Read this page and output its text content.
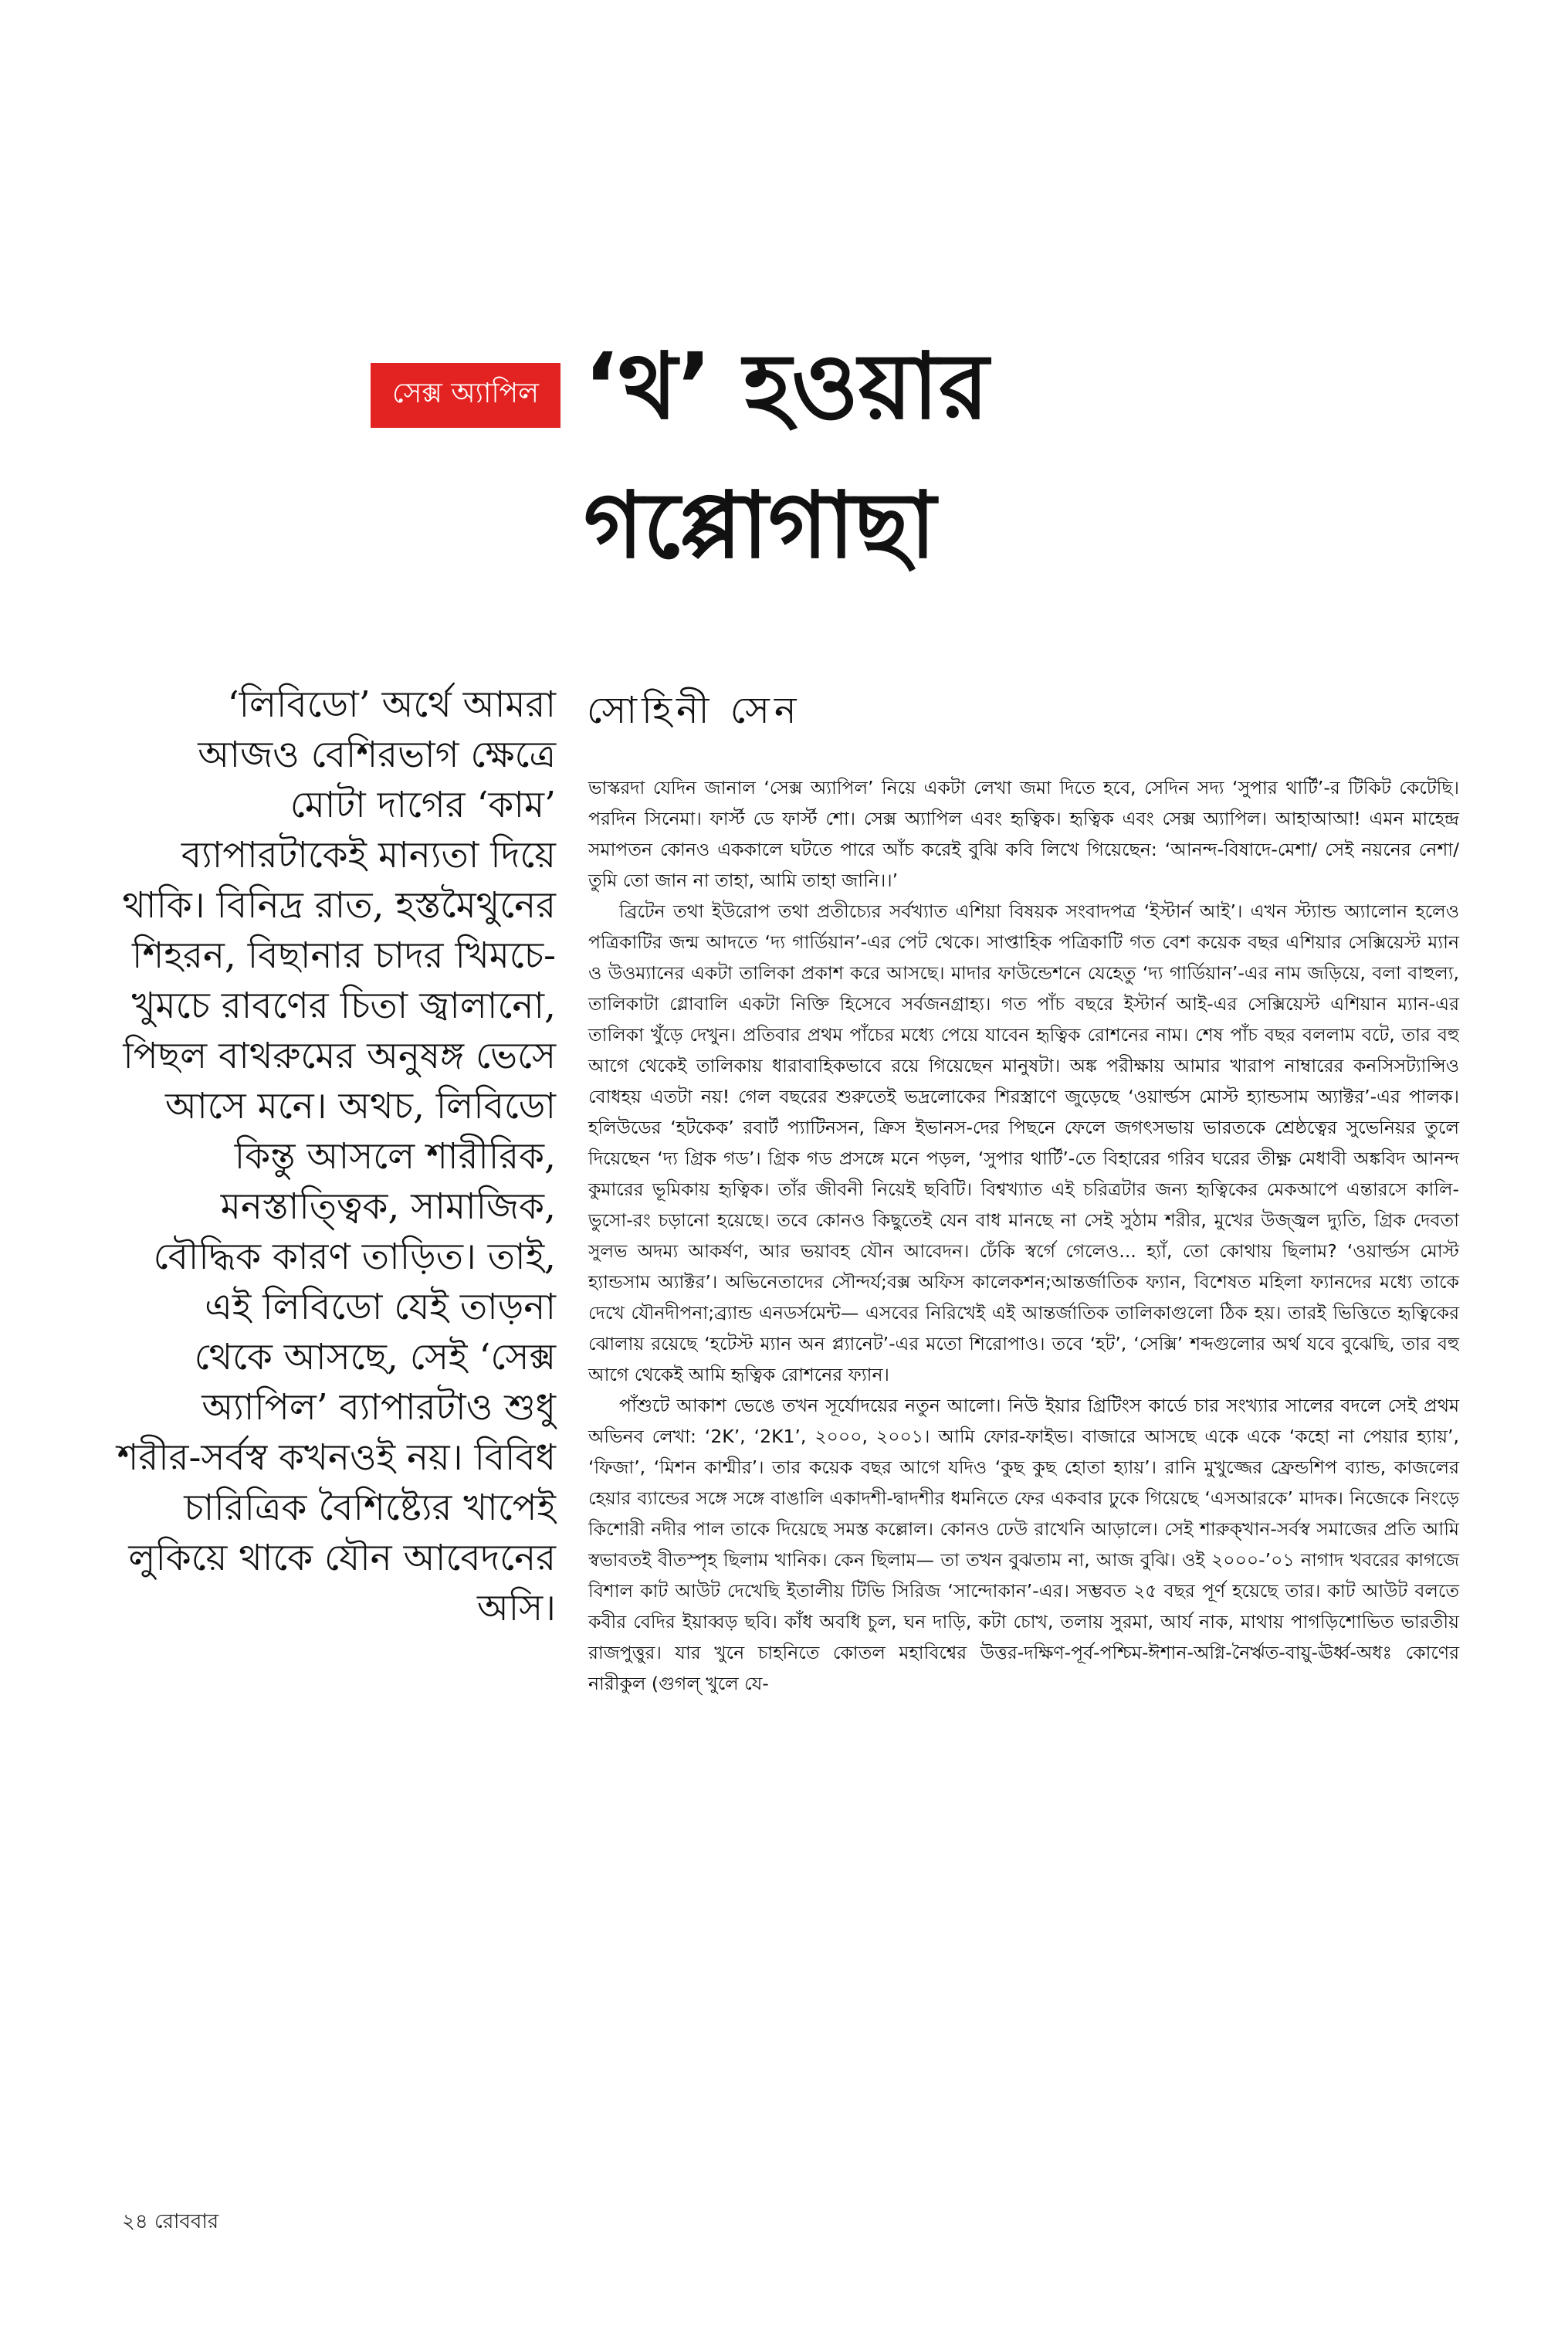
সেক্স অ্যাপিল ‘থ’ হওয়ার
গপ্পোগাছা
‘লিবিডো’ অর্থে আমরা আজও বেশিরভাগ ক্ষেত্রে মোটা দাগের ‘কাম’ ব্যাপারটাকেই মান্যতা দিয়ে থাকি। বিনিদ্র রাত, হস্তমৈথুনের শিহরন, বিছানার চাদর খিমচে-খুমচে রাবণের চিতা জ্বালানো, পিছল বাথরুমের অনুষঙ্গ ভেসে আসে মনে। অথচ, লিবিডো কিন্তু আসলে শারীরিক, মনস্তাত্ত্বিক, সামাজিক, বৌদ্ধিক কারণ তাড়িত। তাই, এই লিবিডো যেই তাড়না থেকে আসছে, সেই ‘সেক্স অ্যাপিল’ ব্যাপারটাও শুধু শরীর-সর্বস্ব কখনওই নয়। বিবিধ চারিত্রিক বৈশিষ্ট্যের খাপেই লুকিয়ে থাকে যৌন আবেদনের অসি।
সোহিনী সেন

ভাস্করদা যেদিন জানাল ‘সেক্স অ্যাপিল’ নিয়ে একটা লেখা জমা দিতে হবে, সেদিন সদ্য ‘সুপার থার্টি’-র টিকিট কেটেছি। পরদিন সিনেমা। ফার্স্ট ডে ফার্স্ট শো। সেক্স অ্যাপিল এবং হৃত্বিক। হৃত্বিক এবং সেক্স অ্যাপিল। আহাআআ! এমন মাহেন্দ্র সমাপতন কোনও এককালে ঘটতে পারে আঁচ করেই বুঝি কবি লিখে গিয়েছেন: ‘আনন্দ-বিষাদে-মেশা/ সেই নয়নের নেশা/ তুমি তো জান না তাহা, আমি তাহা জানি।।’

ব্রিটেন তথা ইউরোপ তথা প্রতীচ্যের সর্বখ্যাত এশিয়া বিষয়ক সংবাদপত্র ‘ইস্টার্ন আই’। এখন স্ট্যান্ড অ্যালোন হলেও পত্রিকাটির জন্ম আদতে ‘দ্য গার্ডিয়ান’-এর পেট থেকে। সাপ্তাহিক পত্রিকাটি গত বেশ কয়েক বছর এশিয়ার সেক্সিয়েস্ট ম্যান ও উওম্যানের একটা তালিকা প্রকাশ করে আসছে। মাদার ফাউন্ডেশনে যেহেতু ‘দ্য গার্ডিয়ান’-এর নাম জড়িয়ে, বলা বাহুল্য, তালিকাটা গ্লোবালি একটা নিক্তি হিসেবে সর্বজনগ্রাহ্য। গত পাঁচ বছরে ইস্টার্ন আই-এর সেক্সিয়েস্ট এশিয়ান ম্যান-এর তালিকা খুঁড়ে দেখুন। প্রতিবার প্রথম পাঁচের মধ্যে পেয়ে যাবেন হৃত্বিক রোশনের নাম। শেষ পাঁচ বছর বললাম বটে, তার বহু আগে থেকেই তালিকায় ধারাবাহিকভাবে রয়ে গিয়েছেন মানুষটা। অঙ্ক পরীক্ষায় আমার খারাপ নাম্বারের কনসিসট্যান্সিও বোধহয় এতটা নয়! গেল বছরের শুরুতেই ভদ্রলোকের শিরস্ত্রাণে জুড়েছে ‘ওয়ার্ল্ডস মোস্ট হ্যান্ডসাম অ্যাক্টর’-এর পালক। হলিউডের ‘হটকেক’ রবার্ট প্যাটিনসন, ক্রিস ইভানস-দের পিছনে ফেলে জগৎসভায় ভারতকে শ্রেষ্ঠত্বের সুভেনিয়র তুলে দিয়েছেন ‘দ্য গ্রিক গড’। গ্রিক গড প্রসঙ্গে মনে পড়ল, ‘সুপার থার্টি’-তে বিহারের গরিব ঘরের তীক্ষ্ণ মেধাবী অঙ্কবিদ আনন্দ কুমারের ভূমিকায় হৃত্বিক। তাঁর জীবনী নিয়েই ছবিটি। বিশ্বখ্যাত এই চরিত্রটার জন্য হৃত্বিকের মেকআপে এন্তারসে কালি-ভুসো-রং চড়ানো হয়েছে। তবে কোনও কিছুতেই যেন বাধ মানছে না সেই সুঠাম শরীর, মুখের উজ্জ্বল দ্যুতি, গ্রিক দেবতা সুলভ অদম্য আকর্ষণ, আর ভয়াবহ যৌন আবেদন। ঢেঁকি স্বর্গে গেলেও... হ্যাঁ, তো কোথায় ছিলাম? ‘ওয়ার্ল্ডস মোস্ট হ্যান্ডসাম অ্যাক্টর’। অভিনেতাদের সৌন্দর্য;বক্স অফিস কালেকশন;আন্তর্জাতিক ফ্যান, বিশেষত মহিলা ফ্যানদের মধ্যে তাকে দেখে যৌনদীপনা;ব্র্যান্ড এনডর্সমেন্ট— এসবের নিরিখেই এই আন্তর্জাতিক তালিকাগুলো ঠিক হয়। তারই ভিত্তিতে হৃত্বিকের ঝোলায় রয়েছে ‘হটেস্ট ম্যান অন প্ল্যানেট’-এর মতো শিরোপাও। তবে ‘হট’, ‘সেক্সি’ শব্দগুলোর অর্থ যবে বুঝেছি, তার বহু আগে থেকেই আমি হৃত্বিক রোশনের ফ্যান।

পাঁশুটে আকাশ ভেঙে তখন সূর্যোদয়ের নতুন আলো। নিউ ইয়ার গ্রিটিংস কার্ডে চার সংখ্যার সালের বদলে সেই প্রথম অভিনব লেখা: ‘2K’, ‘2K1’, ২০০০, ২০০১। আমি ফোর-ফাইভ। বাজারে আসছে একে একে ‘কহো না পেয়ার হ্যায়’, ‘ফিজা’, ‘মিশন কাশ্মীর’। তার কয়েক বছর আগে যদিও ‘কুছ কুছ হোতা হ্যায়’। রানি মুখুজ্জের ফ্রেন্ডশিপ ব্যান্ড, কাজলের হেয়ার ব্যান্ডের সঙ্গে সঙ্গে বাঙালি একাদশী-দ্বাদশীর ধমনিতে ফের একবার ঢুকে গিয়েছে ‘এসআরকে’ মাদক। নিজেকে নিংড়ে কিশোরী নদীর পাল তাকে দিয়েছে সমস্ত কল্লোল। কোনও ঢেউ রাখেনি আড়ালে। সেই শারুক্খান-সর্বস্ব সমাজের প্রতি আমি স্বভাবতই বীতস্পৃহ ছিলাম খানিক। কেন ছিলাম— তা তখন বুঝতাম না, আজ বুঝি। ওই ২০০০-’০১ নাগাদ খবরের কাগজে বিশাল কাট আউট দেখেছি ইতালীয় টিভি সিরিজ ‘সান্দোকান’-এর। সম্ভবত ২৫ বছর পূর্ণ হয়েছে তার। কাট আউট বলতে কবীর বেদির ইয়াব্বড় ছবি। কাঁধ অবধি চুল, ঘন দাড়ি, কটা চোখ, তলায় সুরমা, আর্য নাক, মাথায় পাগড়িশোভিত ভারতীয় রাজপুত্তুর। যার খুনে চাহনিতে কোতল মহাবিশ্বের উত্তর-দক্ষিণ-পূর্ব-পশ্চিম-ঈশান-অগ্নি-নৈর্ঋত-বায়ু-ঊর্ধ্ব-অধঃ কোণের নারীকুল (গুগল্‌ খুলে যে-

২৪ রোববার
